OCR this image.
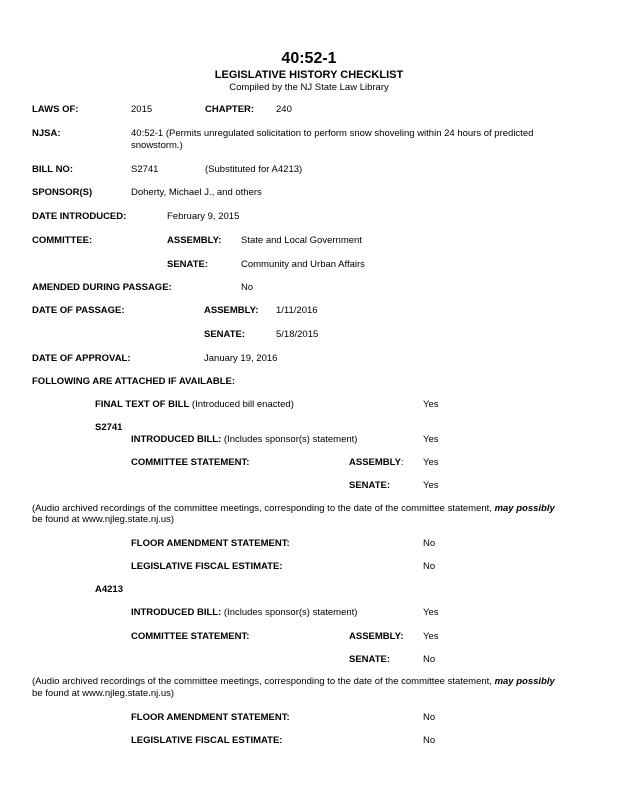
40:52-1
LEGISLATIVE HISTORY CHECKLIST
Compiled by the NJ State Law Library
LAWS OF:	2015	CHAPTER: 240
NJSA:	40:52-1 (Permits unregulated solicitation to perform snow shoveling within 24 hours of predicted
snowstorm.)
BILL NO:	S2741	(Substituted for A4213)
SPONSOR(S)	Doherty, Michael J., and others
DATE INTRODUCED:	February 9, 2015
COMMITTEE:	ASSEMBLY: State and Local Government
SENATE:	Community and Urban Affairs
AMENDED DURING PASSAGE:	No
DATE OF PASSAGE:	ASSEMBLY: 1/11/2016
SENATE:	5/18/2015
DATE OF APPROVAL:	January 19, 2016
FOLLOWING ARE ATTACHED IF AVAILABLE:
FINAL TEXT OF BILL (Introduced bill enacted)	Yes
S2741
INTRODUCED BILL: (Includes sponsor(s) statement)	Yes
COMMITTEE STATEMENT:	ASSEMBLY: Yes
SENATE:	Yes
(Audio archived recordings of the committee meetings, corresponding to the date of the committee statement, may possibly
be found at www.njleg.state.nj.us)
FLOOR AMENDMENT STATEMENT:	No
LEGISLATIVE FISCAL ESTIMATE:	No
A4213
INTRODUCED BILL: (Includes sponsor(s) statement)	Yes
COMMITTEE STATEMENT:	ASSEMBLY: Yes
SENATE:	No
(Audio archived recordings of the committee meetings, corresponding to the date of the committee statement, may possibly
be found at www.njleg.state.nj.us)
FLOOR AMENDMENT STATEMENT:	No
LEGISLATIVE FISCAL ESTIMATE:	No
